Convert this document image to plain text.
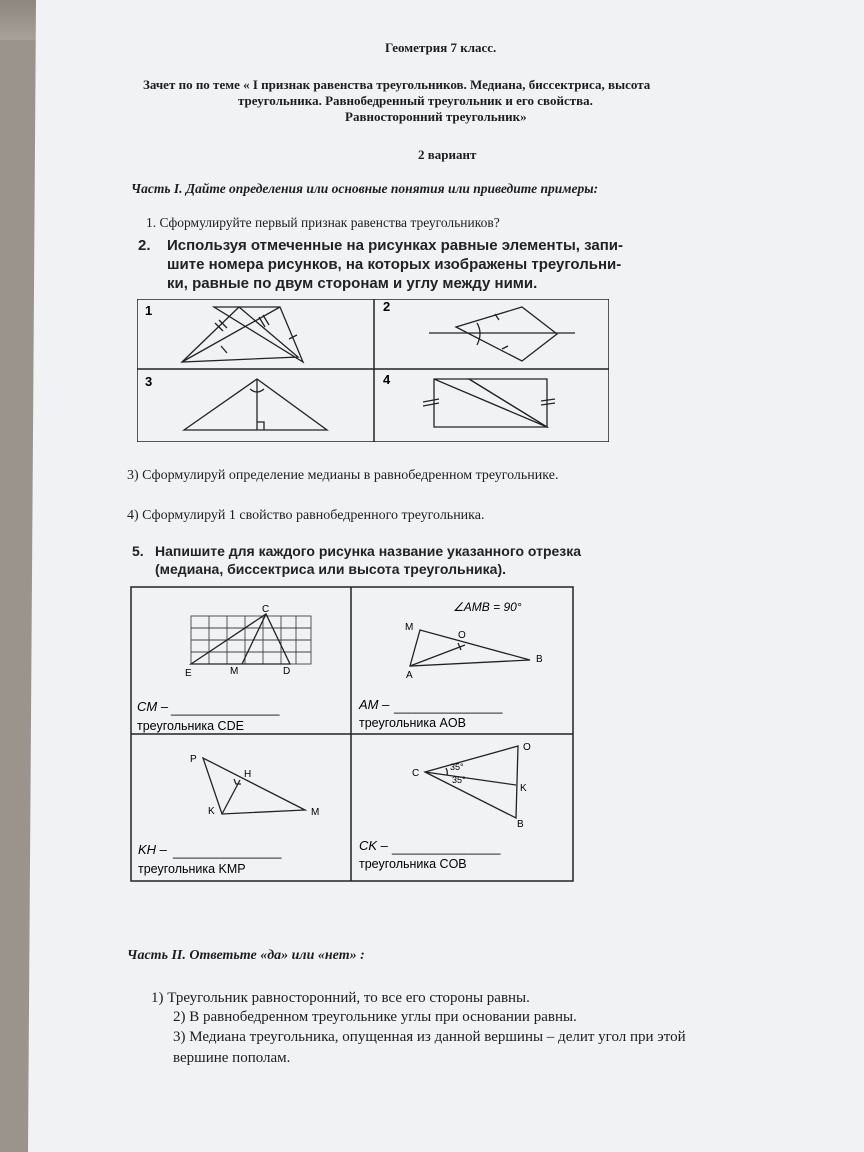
Геометрия 7 класс.
Зачет по по теме « I признак равенства треугольников. Медиана, биссектриса, высота
треугольника. Равнобедренный треугольник и его свойства.
Равносторонний треугольник»
2 вариант
Часть I. Дайте определения или основные понятия или приведите примеры:
1. Сформулируйте первый признак равенства треугольников?
2. Используя отмеченные на рисунках равные элементы, запи-
шите номера рисунков, на которых изображены треугольни-
ки, равные по двум сторонам и углу между ними.
1	2
3	4
3) Сформулируй определение медианы в равнобедренном треугольнике.
4) Сформулируй 1 свойство равнобедренного треугольника.
5. Напишите для каждого рисунка название указанного отрезка
(медиана, биссектриса или высота треугольника).
C
E	M	D
CM – _______________
треугольника CDE
∠AMB = 90°
M
O
B
A
AM – _______________
треугольника AOB
P
H
K	M
KH – _______________
треугольника KMP
O
C
K
B
35°
35°
CK – _______________
треугольника COB
Часть II. Ответьте «да» или «нет» :
1) Треугольник равносторонний, то все его стороны равны.
2) В равнобедренном треугольнике углы при основании равны.
3) Медиана треугольника, опущенная из данной вершины – делит угол при этой
вершине пополам.
